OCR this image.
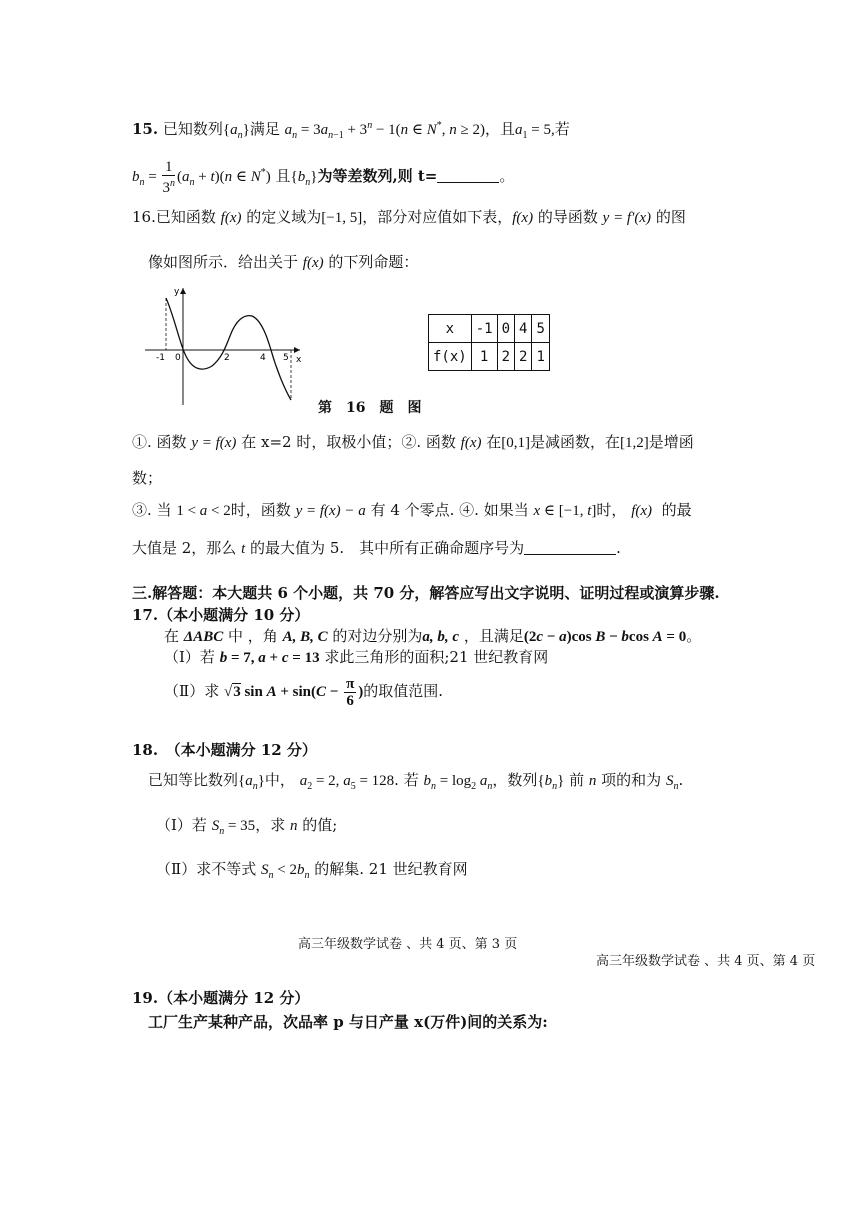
15. 已知数列$\{a_n\}$满足 $a_n = 3a_{n-1} + 3^n - 1(n$ ∈ N*, n ≥ 2)，且$a_1 = 5$,若
$b_n = \frac{1}{3^n} (a_n + t)(n$ ∈ N*) 且$\{b_n\}$为等差数列,则 t=	。
16.已知函数 f(x) 的定义域为[−1, 5]，部分对应值如下表，f(x) 的导函数 y = f′(x) 的图
像如图所示．给出关于 f(x) 的下列命题：
y
x
-1 0	2	4 5
x	-1	0	4	5
f(x)	1	2	2	1
第　16　题　图
①. 函数 y = f(x) 在 x=2 时，取极小值；②. 函数 f(x) 在[0,1]是减函数，在[1,2]是增函
数；
③. 当 1 < a < 2时，函数 y = f(x) − a 有 4 个零点. ④. 如果当 x ∈ [−1, t]时， f(x) 的最
大值是 2，那么 t 的最大值为 5.　其中所有正确命题序号为	.
三.解答题：本大题共 6 个小题，共 70 分，解答应写出文字说明、证明过程或演算步骤.
17.（本小题满分 10 分）
在 ΔABC 中 ，角 A, B, C 的对边分别为a, b, c ，且满足(2c − a)cos B − bcos A = 0。
（Ⅰ）若 b = 7, a + c = 13 求此三角形的面积;21 世纪教育网
（Ⅱ）求 √3 $\sin A + \sin(C - \frac{\pi}{6}$ )的取值范围.
18.　（本小题满分 12 分）
已知等比数列$\{a_n\}$中， $a_2 = 2$, $a_5 = 128$. 若 $b_n = \log_2 a_n$，数列$\{b_n\}$ 前 n 项的和为 $S_n$.
（Ⅰ）若 $S_n = 35$，求 n 的值;
（Ⅱ）求不等式 $S_n < 2b_n$ 的解集. 21 世纪教育网
高三年级数学试卷 、共 4 页、第 3 页
高三年级数学试卷 、共 4 页、第 4 页
19.（本小题满分 12 分）
工厂生产某种产品，次品率 p 与日产量 x(万件)间的关系为:
